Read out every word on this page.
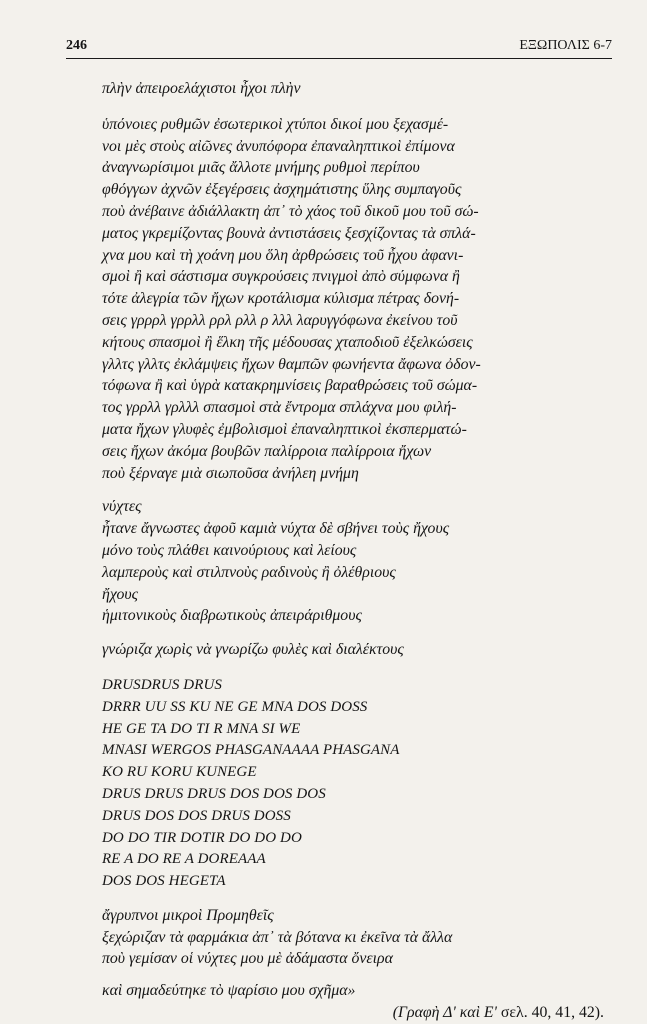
246	ΕΞΩΠΟΛΙΣ 6-7
πλὴν ἀπειροελάχιστοι ἦχοι πλὴν
ὑπόνοιες ρυθμῶν ἐσωτερικοὶ χτύποι δικοί μου ξεχασμέ-
νοι μὲς στοὺς αἰῶνες ἀνυπόφορα ἐπαναληπτικοὶ ἐπίμονα
ἀναγνωρίσιμοι μιᾶς ἄλλοτε μνήμης ρυθμοὶ περίπου
φθόγγων ἀχνῶν ἐξεγέρσεις ἀσχημάτιστης ὕλης συμπαγοῦς
ποὺ ἀνέβαινε ἀδιάλλακτη ἀπ᾽ τὸ χάος τοῦ δικοῦ μου τοῦ σώ-
ματος γκρεμίζοντας βουνὰ ἀντιστάσεις ξεσχίζοντας τὰ σπλά-
χνα μου καὶ τὴ χοάνη μου ὅλη ἀρθρώσεις τοῦ ἦχου ἀφανι-
σμοὶ ἢ καὶ σάστισμα συγκρούσεις πνιγμοὶ ἀπὸ σύμφωνα ἢ
τότε ἀλεγρία τῶν ἤχων κροτάλισμα κύλισμα πέτρας δονή-
σεις γρρρλ γρρλλ ρρλ ρλλ ρ λλλ λαρυγγόφωνα ἐκείνου τοῦ
κήτους σπασμοὶ ἢ ἕλκη τῆς μέδουσας χταποδιοῦ ἐξελκώσεις
γλλτς γλλτς ἐκλάμψεις ἤχων θαμπῶν φωνήεντα ἄφωνα ὀδον-
τόφωνα ἢ καὶ ὑγρὰ κατακρημνίσεις βαραθρώσεις τοῦ σώμα-
τος γρρλλ γρλλλ σπασμοὶ στὰ ἔντρομα σπλάχνα μου φιλή-
ματα ἤχων γλυφὲς ἐμβολισμοὶ ἐπαναληπτικοὶ ἐκσπερματώ-
σεις ἤχων ἀκόμα βουβῶν παλίρροια παλίρροια ἤχων
ποὺ ξέρναγε μιὰ σιωποῦσα ἀνήλεη μνήμη
νύχτες
ἦτανε ἄγνωστες ἀφοῦ καμιὰ νύχτα δὲ σβήνει τοὺς ἤχους
μόνο τοὺς πλάθει καινούριους καὶ λείους
λαμπεροὺς καὶ στιλπνοὺς ραδινοὺς ἢ ὀλέθριους
ἤχους
ἡμιτονικοὺς διαβρωτικοὺς ἀπειράριθμους
γνώριζα χωρὶς νὰ γνωρίζω φυλὲς καὶ διαλέκτους
DRUSDRUS DRUS
DRRR UU SS KU NE GE MNA DOS DOSS
HE GE TA DO TI R MNA SI WE
MNASI WERGOS PHASGANAAAA PHASGANA
KO RU KORU KUNEGE
DRUS DRUS DRUS DOS DOS DOS
DRUS DOS DOS DRUS DOSS
DO DO TIR DOTIR DO DO DO
RE A DO RE A DOREAAA
DOS DOS HEGETA
ἄγρυπνοι μικροὶ Προμηθεῖς
ξεχώριζαν τὰ φαρμάκια ἀπ᾽ τὰ βότανα κι ἐκεῖνα τὰ ἄλλα
ποὺ γεμίσαν οἱ νύχτες μου μὲ ἀδάμαστα ὄνειρα
καὶ σημαδεύτηκε τὸ ψαρίσιο μου σχῆμα»
(Γραφὴ Δ' καὶ Ε' σελ. 40, 41, 42).
